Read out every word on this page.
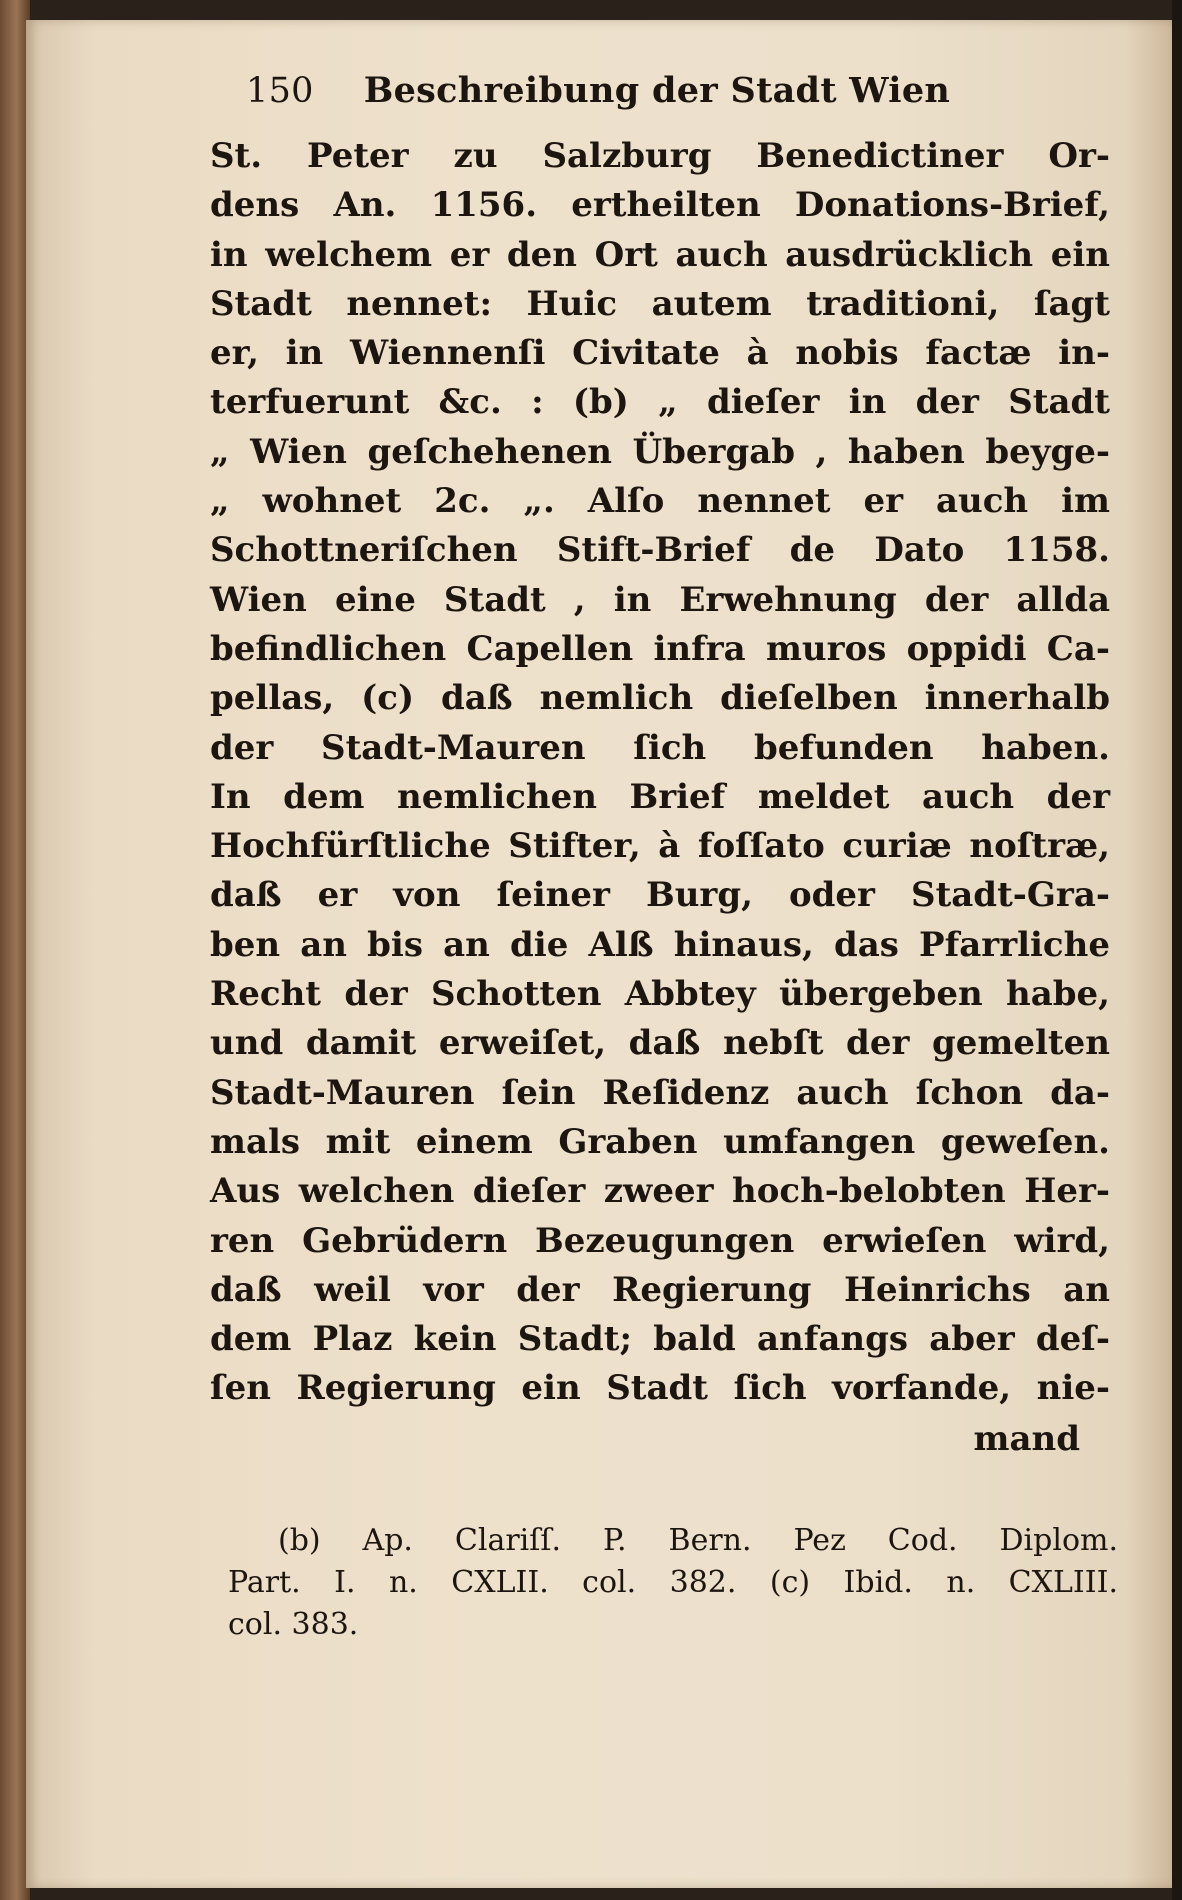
150 Beschreibung der Stadt Wien
St. Peter zu Salzburg Benedictiner Or-
dens An. 1156. ertheilten Donations-Brief,
in welchem er den Ort auch ausdrücklich ein
Stadt nennet: Huic autem traditioni, ſagt
er, in Wiennenſi Civitate à nobis factæ in-
terfuerunt &c. : (b) „ dieſer in der Stadt
„ Wien geſchehenen Übergab , haben beyge-
„ wohnet 2c. „. Alſo nennet er auch im
Schottneriſchen Stift-Brief de Dato 1158.
Wien eine Stadt , in Erwehnung der allda
befindlichen Capellen infra muros oppidi Ca-
pellas, (c) daß nemlich dieſelben innerhalb
der Stadt-Mauren ſich befunden haben.
In dem nemlichen Brief meldet auch der
Hochfürſtliche Stifter, à foſſato curiæ noſtræ,
daß er von ſeiner Burg, oder Stadt-Gra-
ben an bis an die Alß hinaus, das Pfarrliche
Recht der Schotten Abbtey übergeben habe,
und damit erweiſet, daß nebſt der gemelten
Stadt-Mauren ſein Reſidenz auch ſchon da-
mals mit einem Graben umfangen geweſen.
Aus welchen dieſer zweer hoch-belobten Her-
ren Gebrüdern Bezeugungen erwieſen wird,
daß weil vor der Regierung Heinrichs an
dem Plaz kein Stadt; bald anfangs aber deſ-
ſen Regierung ein Stadt ſich vorfande, nie-
mand
(b) Ap. Clariſſ. P. Bern. Pez Cod. Diplom.
Part. I. n. CXLII. col. 382. (c) Ibid. n. CXLIII.
col. 383.
